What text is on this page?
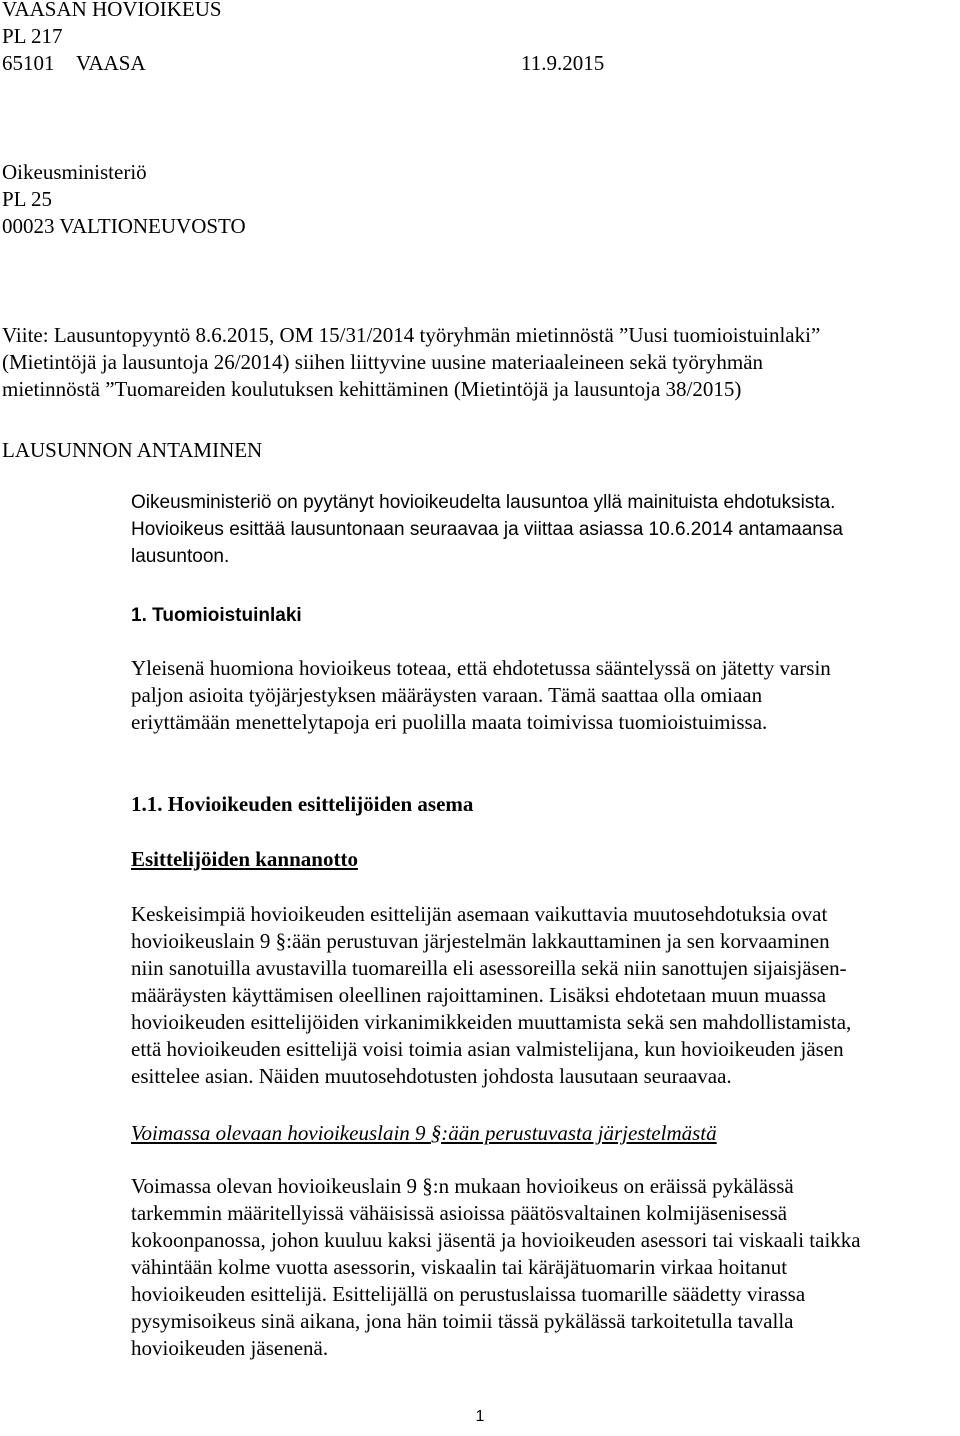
VAASAN HOVIOIKEUS
PL 217
65101 VAASA	11.9.2015
Oikeusministeriö
PL 25
00023 VALTIONEUVOSTO
Viite: Lausuntopyyntö 8.6.2015, OM 15/31/2014 työryhmän mietinnöstä ”Uusi tuomioistuinlaki”
(Mietintöjä ja lausuntoja 26/2014) siihen liittyvine uusine materiaaleineen sekä työryhmän
mietinnöstä ”Tuomareiden koulutuksen kehittäminen (Mietintöjä ja lausuntoja 38/2015)
LAUSUNNON ANTAMINEN
Oikeusministeriö on pyytänyt hovioikeudelta lausuntoa yllä mainituista ehdotuksista.
Hovioikeus esittää lausuntonaan seuraavaa ja viittaa asiassa 10.6.2014 antamaansa
lausuntoon.
1. Tuomioistuinlaki
Yleisenä huomiona hovioikeus toteaa, että ehdotetussa sääntelyssä on jätetty varsin
paljon asioita työjärjestyksen määräysten varaan. Tämä saattaa olla omiaan
eriyttämään menettelytapoja eri puolilla maata toimivissa tuomioistuimissa.
1.1. Hovioikeuden esittelijöiden asema
Esittelijöiden kannanotto
Keskeisimpiä hovioikeuden esittelijän asemaan vaikuttavia muutosehdotuksia ovat
hovioikeuslain 9 §:ään perustuvan järjestelmän lakkauttaminen ja sen korvaaminen
niin sanotuilla avustavilla tuomareilla eli asessoreilla sekä niin sanottujen sijaisjäsen-
määräysten käyttämisen oleellinen rajoittaminen. Lisäksi ehdotetaan muun muassa
hovioikeuden esittelijöiden virkanimikkeiden muuttamista sekä sen mahdollistamista,
että hovioikeuden esittelijä voisi toimia asian valmistelijana, kun hovioikeuden jäsen
esittelee asian. Näiden muutosehdotusten johdosta lausutaan seuraavaa.
Voimassa olevaan hovioikeuslain 9 §:ään perustuvasta järjestelmästä
Voimassa olevan hovioikeuslain 9 §:n mukaan hovioikeus on eräissä pykälässä
tarkemmin määritellyissä vähäisissä asioissa päätösvaltainen kolmijäsenisessä
kokoonpanossa, johon kuuluu kaksi jäsentä ja hovioikeuden asessori tai viskaali taikka
vähintään kolme vuotta asessorin, viskaalin tai käräjätuomarin virkaa hoitanut
hovioikeuden esittelijä. Esittelijällä on perustuslaissa tuomarille säädetty virassa
pysymisoikeus sinä aikana, jona hän toimii tässä pykälässä tarkoitetulla tavalla
hovioikeuden jäsenenä.
1
